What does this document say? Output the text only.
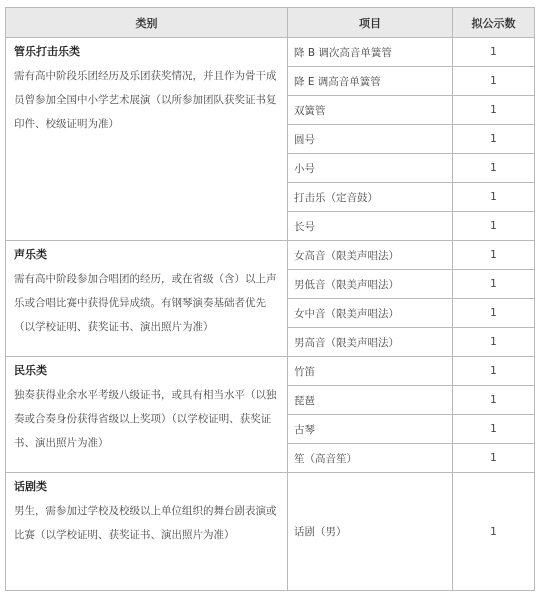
类别	项目	拟公示数

管乐打击乐类
需有高中阶段乐团经历及乐团获奖情况，并且作为骨干成员曾参加全国中小学艺术展演（以所参加团队获奖证书复印件、校级证明为准）	降 B 调次高音单簧管	1
	降 E 调高音单簧管	1
	双簧管	1
	圆号	1
	小号	1
	打击乐（定音鼓）	1
	长号	1

声乐类
需有高中阶段参加合唱团的经历，或在省级（含）以上声乐或合唱比赛中获得优异成绩。有钢琴演奏基础者优先（以学校证明、获奖证书、演出照片为准）	女高音（限美声唱法）	1
	男低音（限美声唱法）	1
	女中音（限美声唱法）	1
	男高音（限美声唱法）	1

民乐类
独奏获得业余水平考级八级证书，或具有相当水平（以独奏或合奏身份获得省级以上奖项）（以学校证明、获奖证书、演出照片为准）	竹笛	1
	琵琶	1
	古琴	1
	笙（高音笙）	1

话剧类
男生，需参加过学校及校级以上单位组织的舞台剧表演或比赛（以学校证明、获奖证书、演出照片为准）	话剧（男）	1
